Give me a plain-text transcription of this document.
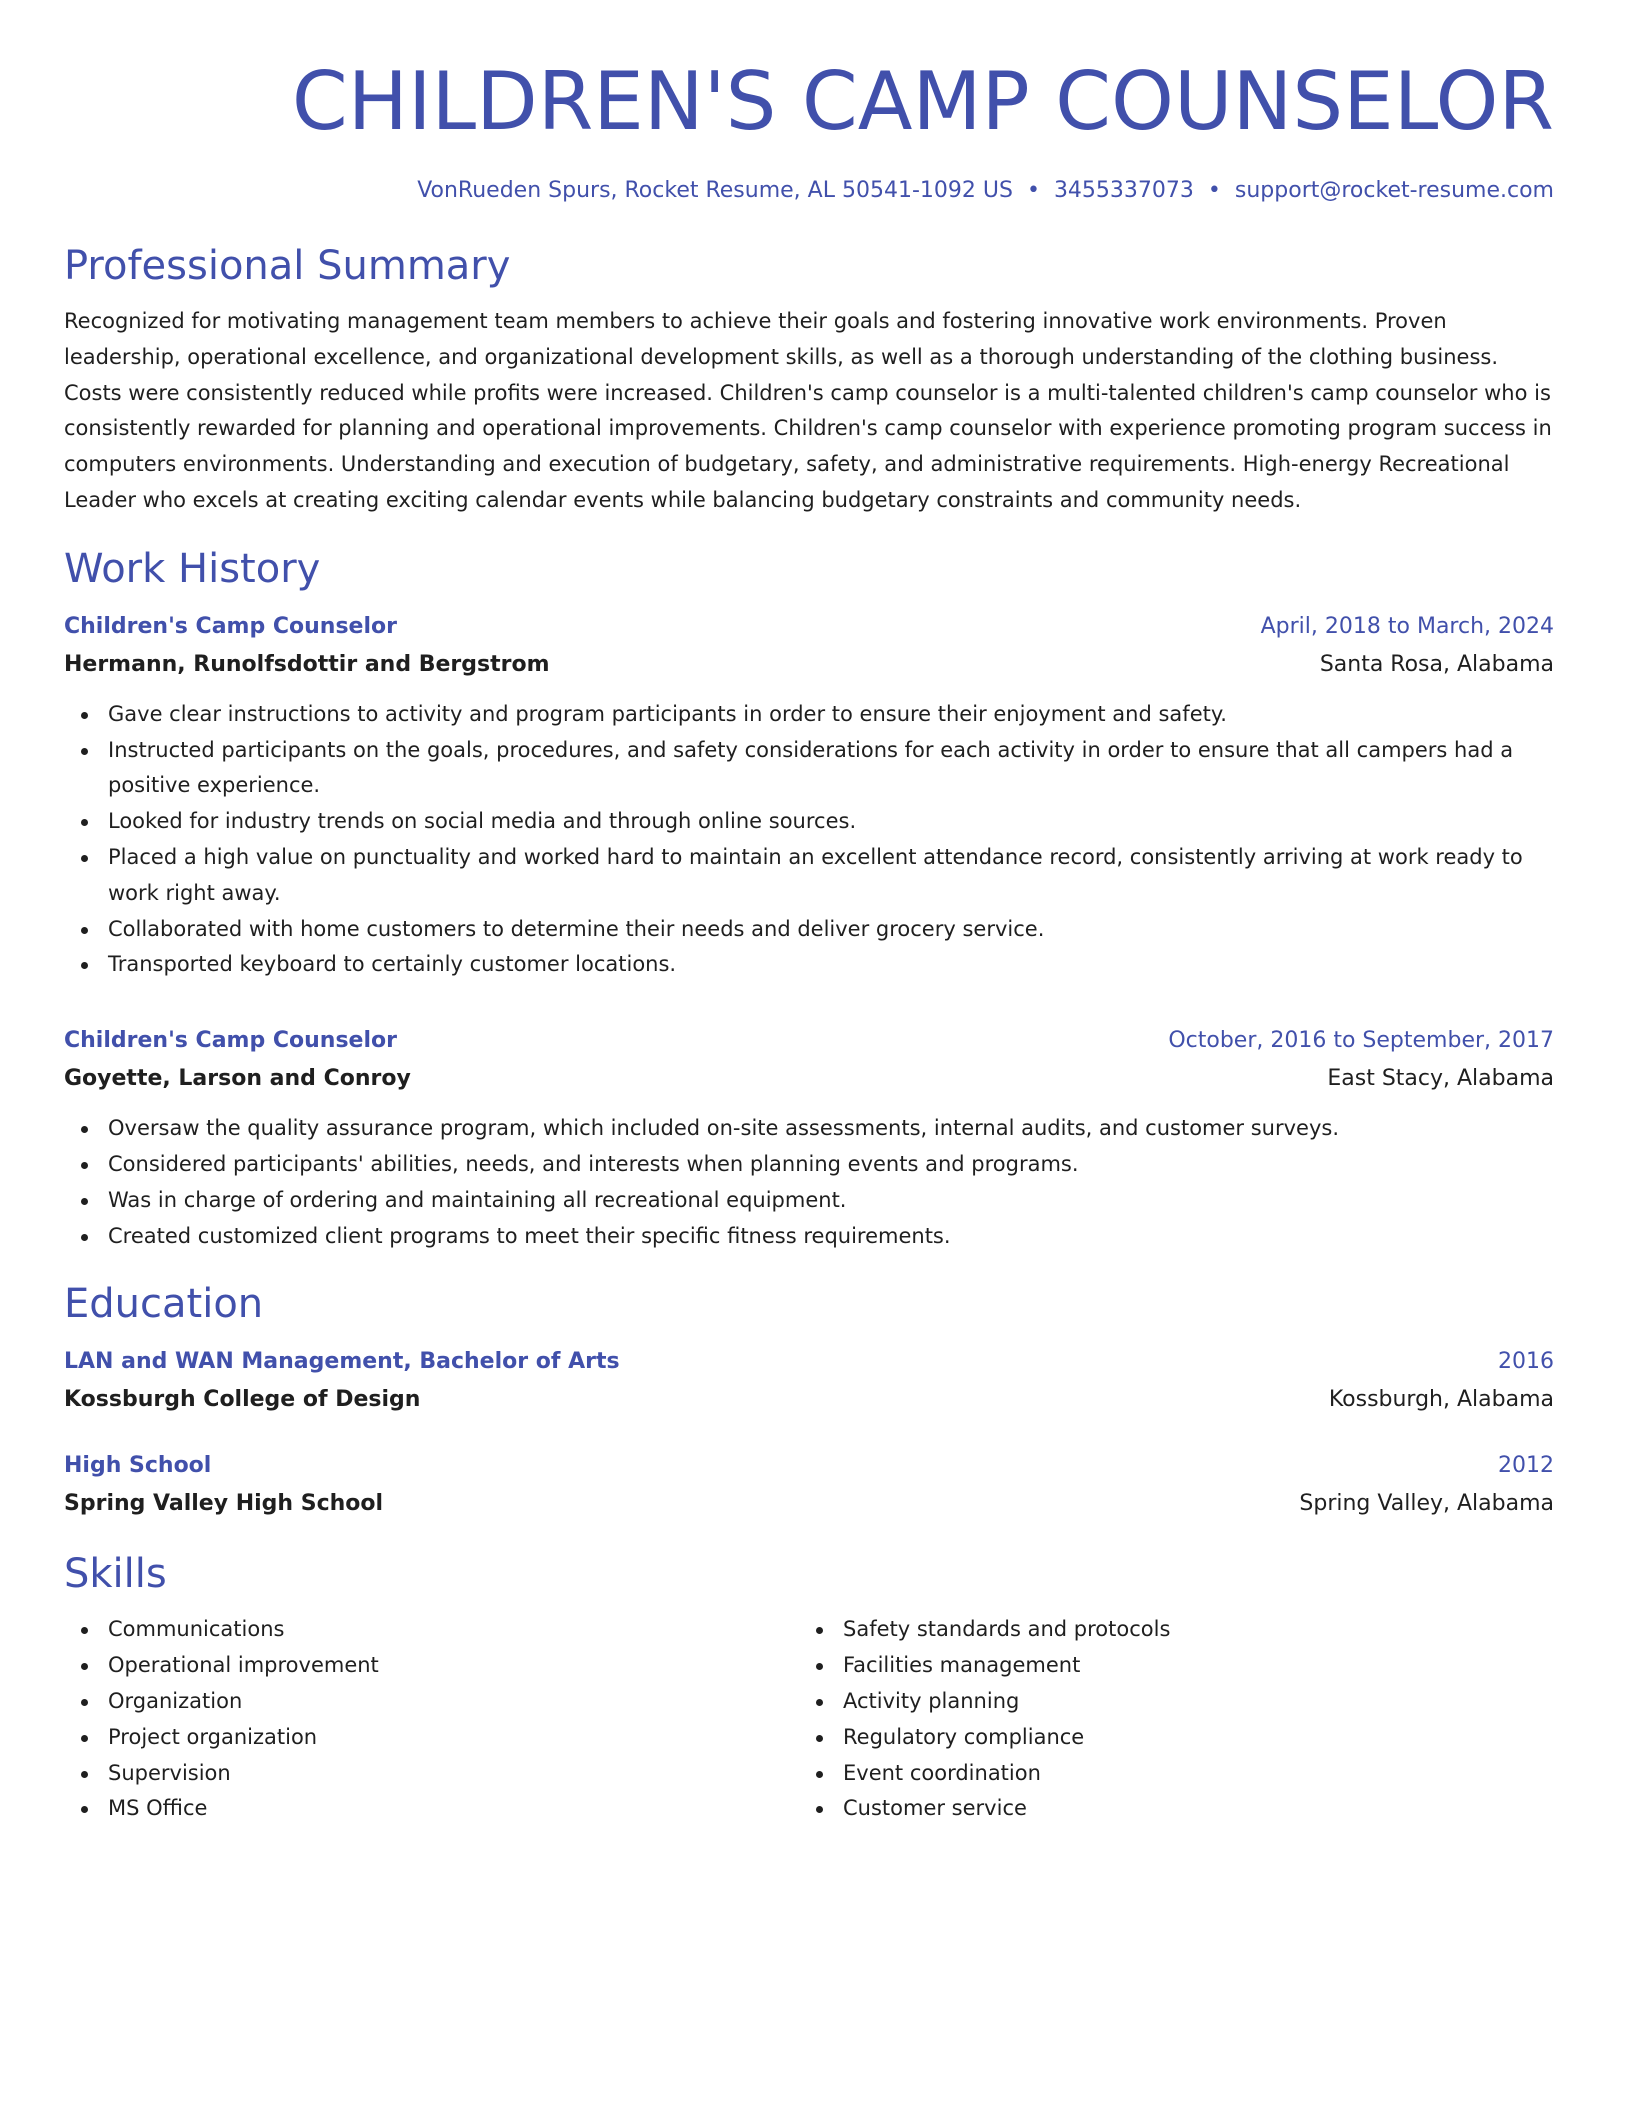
CHILDREN'S CAMP COUNSELOR
VonRueden Spurs, Rocket Resume, AL 50541-1092 US • 3455337073 • support@rocket-resume.com
Professional Summary

Recognized for motivating management team members to achieve their goals and fostering innovative work environments. Proven leadership, operational excellence, and organizational development skills, as well as a thorough understanding of the clothing business. Costs were consistently reduced while profits were increased. Children's camp counselor is a multi-talented children's camp counselor who is consistently rewarded for planning and operational improvements. Children's camp counselor with experience promoting program success in computers environments. Understanding and execution of budgetary, safety, and administrative requirements. High-energy Recreational Leader who excels at creating exciting calendar events while balancing budgetary constraints and community needs.

Work History
Children's Camp Counselor	April, 2018 to March, 2024
Hermann, Runolfsdottir and Bergstrom	Santa Rosa, Alabama
Gave clear instructions to activity and program participants in order to ensure their enjoyment and safety.
Instructed participants on the goals, procedures, and safety considerations for each activity in order to ensure that all campers had a positive experience.
Looked for industry trends on social media and through online sources.
Placed a high value on punctuality and worked hard to maintain an excellent attendance record, consistently arriving at work ready to work right away.
Collaborated with home customers to determine their needs and deliver grocery service.
Transported keyboard to certainly customer locations.
Children's Camp Counselor	October, 2016 to September, 2017
Goyette, Larson and Conroy	East Stacy, Alabama
Oversaw the quality assurance program, which included on-site assessments, internal audits, and customer surveys.
Considered participants' abilities, needs, and interests when planning events and programs.
Was in charge of ordering and maintaining all recreational equipment.
Created customized client programs to meet their specific fitness requirements.
Education
LAN and WAN Management, Bachelor of Arts	2016
Kossburgh College of Design	Kossburgh, Alabama
High School	2012
Spring Valley High School	Spring Valley, Alabama
Skills
Communications
Operational improvement
Organization
Project organization
Supervision
MS Office
Safety standards and protocols
Facilities management
Activity planning
Regulatory compliance
Event coordination
Customer service
